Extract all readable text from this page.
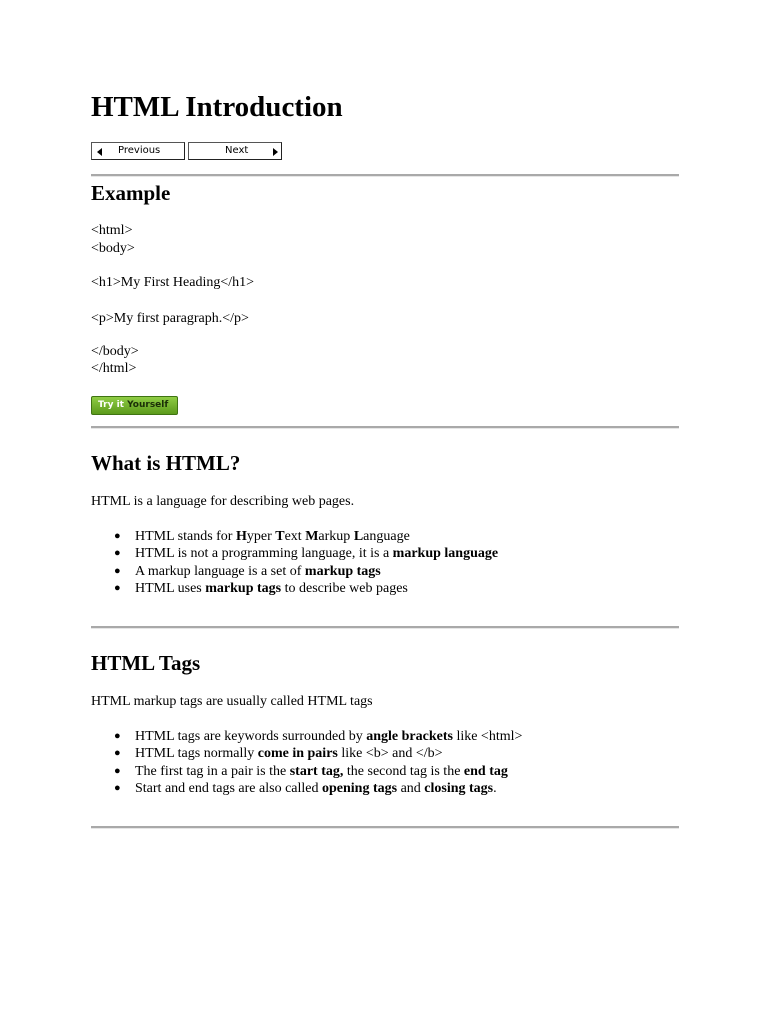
HTML Introduction
Previous	Next
Example

<html>

<body>

<h1>My First Heading</h1>

<p>My first paragraph.</p>

</body>

</html>

Try it Yourself
What is HTML?

HTML is a language for describing web pages.

● HTML stands for Hyper Text Markup Language
● HTML is not a programming language, it is a markup language
● A markup language is a set of markup tags
● HTML uses markup tags to describe web pages
HTML Tags

HTML markup tags are usually called HTML tags

● HTML tags are keywords surrounded by angle brackets like <html>
● HTML tags normally come in pairs like <b> and </b>
● The first tag in a pair is the start tag, the second tag is the end tag
● Start and end tags are also called opening tags and closing tags.
